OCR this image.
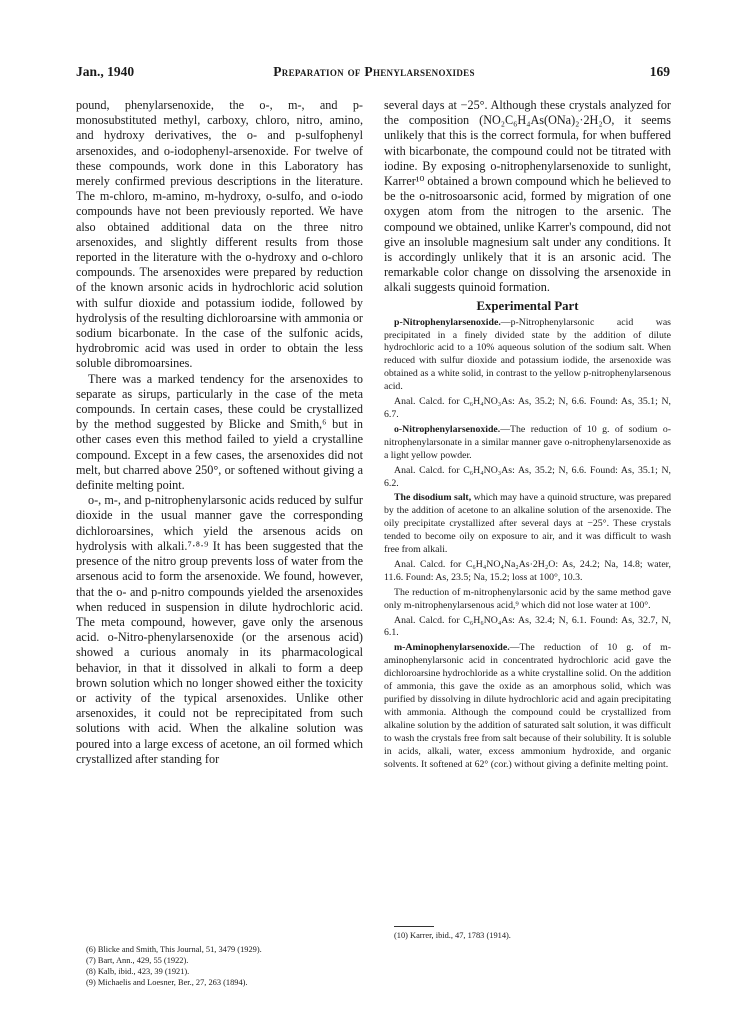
Jan., 1940	Preparation of Phenylarsenoxides	169

pound, phenylarsenoxide, the o-, m-, and p-monosubstituted methyl, carboxy, chloro, nitro, amino, and hydroxy derivatives, the o- and p-sulfophenyl arsenoxides, and o-iodophenyl-arsenoxide. For twelve of these compounds, work done in this Laboratory has merely confirmed previous descriptions in the literature. The m-chloro, m-amino, m-hydroxy, o-sulfo, and o-iodo compounds have not been previously reported. We have also obtained additional data on the three nitro arsenoxides, and slightly different results from those reported in the literature with the o-hydroxy and o-chloro compounds. The arsenoxides were prepared by reduction of the known arsonic acids in hydrochloric acid solution with sulfur dioxide and potassium iodide, followed by hydrolysis of the resulting dichloroarsine with ammonia or sodium bicarbonate. In the case of the sulfonic acids, hydrobromic acid was used in order to obtain the less soluble dibromoarsines.

There was a marked tendency for the arsenoxides to separate as sirups, particularly in the case of the meta compounds. In certain cases, these could be crystallized by the method suggested by Blicke and Smith,⁶ but in other cases even this method failed to yield a crystalline compound. Except in a few cases, the arsenoxides did not melt, but charred above 250°, or softened without giving a definite melting point.

o-, m-, and p-nitrophenylarsonic acids reduced by sulfur dioxide in the usual manner gave the corresponding dichloroarsines, which yield the arsenous acids on hydrolysis with alkali.⁷·⁸·⁹ It has been suggested that the presence of the nitro group prevents loss of water from the arsenous acid to form the arsenoxide. We found, however, that the o- and p-nitro compounds yielded the arsenoxides when reduced in suspension in dilute hydrochloric acid. The meta compound, however, gave only the arsenous acid. o-Nitro-phenylarsenoxide (or the arsenous acid) showed a curious anomaly in its pharmacological behavior, in that it dissolved in alkali to form a deep brown solution which no longer showed either the toxicity or activity of the typical arsenoxides. Unlike other arsenoxides, it could not be reprecipitated from such solutions with acid. When the alkaline solution was poured into a large excess of acetone, an oil formed which crystallized after standing for

(6) Blicke and Smith, This Journal, 51, 3479 (1929).

(7) Bart, Ann., 429, 55 (1922).

(8) Kalb, ibid., 423, 39 (1921).

(9) Michaelis and Loesner, Ber., 27, 263 (1894).

several days at −25°. Although these crystals analyzed for the composition (NO₂C₆H₄As(ONa)₂·2H₂O, it seems unlikely that this is the correct formula, for when buffered with bicarbonate, the compound could not be titrated with iodine. By exposing o-nitrophenylarsenoxide to sunlight, Karrer¹⁰ obtained a brown compound which he believed to be the o-nitrosoarsonic acid, formed by migration of one oxygen atom from the nitrogen to the arsenic. The compound we obtained, unlike Karrer's compound, did not give an insoluble magnesium salt under any conditions. It is accordingly unlikely that it is an arsonic acid. The remarkable color change on dissolving the arsenoxide in alkali suggests quinoid formation.

Experimental Part

p-Nitrophenylarsenoxide.—p-Nitrophenylarsonic acid was precipitated in a finely divided state by the addition of dilute hydrochloric acid to a 10% aqueous solution of the sodium salt. When reduced with sulfur dioxide and potassium iodide, the arsenoxide was obtained as a white solid, in contrast to the yellow p-nitrophenylarsenous acid.

Anal. Calcd. for C₆H₄NO₃As: As, 35.2; N, 6.6. Found: As, 35.1; N, 6.7.

o-Nitrophenylarsenoxide.—The reduction of 10 g. of sodium o-nitrophenylarsonate in a similar manner gave o-nitrophenylarsenoxide as a light yellow powder.

Anal. Calcd. for C₆H₄NO₃As: As, 35.2; N, 6.6. Found: As, 35.1; N, 6.2.

The disodium salt, which may have a quinoid structure, was prepared by the addition of acetone to an alkaline solution of the arsenoxide. The oily precipitate crystallized after several days at −25°. These crystals tended to become oily on exposure to air, and it was difficult to wash free from alkali.

Anal. Calcd. for C₆H₄NO₄Na₂As·2H₂O: As, 24.2; Na, 14.8; water, 11.6. Found: As, 23.5; Na, 15.2; loss at 100°, 10.3.

The reduction of m-nitrophenylarsonic acid by the same method gave only m-nitrophenylarsenous acid,⁹ which did not lose water at 100°.

Anal. Calcd. for C₆H₆NO₄As: As, 32.4; N, 6.1. Found: As, 32.7, N, 6.1.

m-Aminophenylarsenoxide.—The reduction of 10 g. of m-aminophenylarsonic acid in concentrated hydrochloric acid gave the dichloroarsine hydrochloride as a white crystalline solid. On the addition of ammonia, this gave the oxide as an amorphous solid, which was purified by dissolving in dilute hydrochloric acid and again precipitating with ammonia. Although the compound could be crystallized from alkaline solution by the addition of saturated salt solution, it was difficult to wash the crystals free from salt because of their solubility. It is soluble in acids, alkali, water, excess ammonium hydroxide, and organic solvents. It softened at 62° (cor.) without giving a definite melting point.

(10) Karrer, ibid., 47, 1783 (1914).
